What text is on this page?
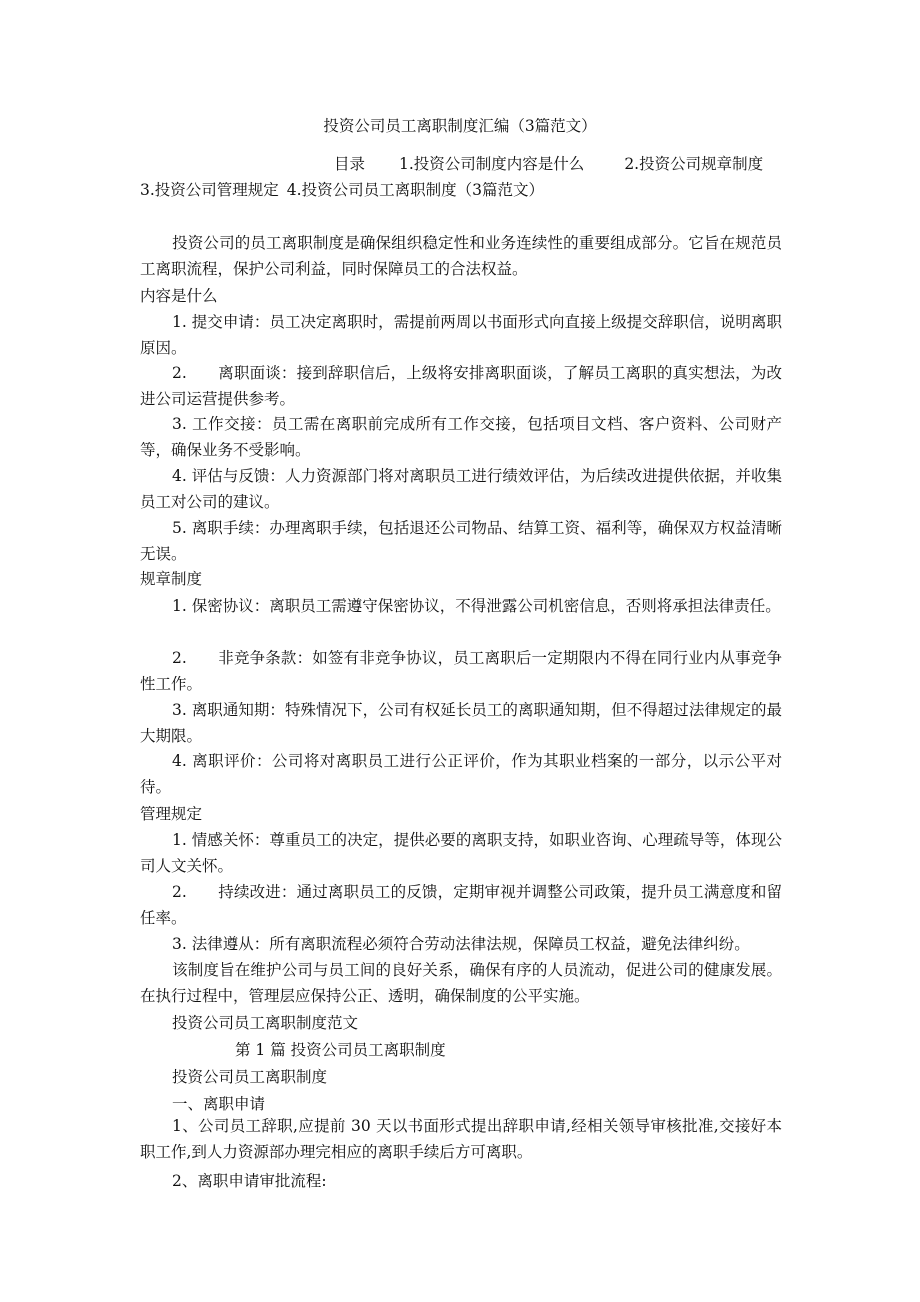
投资公司员工离职制度汇编（3篇范文）
目录 1.投资公司制度内容是什么	2.投资公司规章制度
3.投资公司管理规定 4.投资公司员工离职制度（3篇范文）
投资公司的员工离职制度是确保组织稳定性和业务连续性的重要组成部分。它旨在规范员工离职流程，保护公司利益，同时保障员工的合法权益。
内容是什么
1. 提交申请：员工决定离职时，需提前两周以书面形式向直接上级提交辞职信，说明离职原因。
2.　　离职面谈：接到辞职信后，上级将安排离职面谈，了解员工离职的真实想法，为改进公司运营提供参考。
3. 工作交接：员工需在离职前完成所有工作交接，包括项目文档、客户资料、公司财产等，确保业务不受影响。
4. 评估与反馈：人力资源部门将对离职员工进行绩效评估，为后续改进提供依据，并收集员工对公司的建议。
5. 离职手续：办理离职手续，包括退还公司物品、结算工资、福利等，确保双方权益清晰无误。
规章制度
1. 保密协议：离职员工需遵守保密协议，不得泄露公司机密信息，否则将承担法律责任。
2.　　非竞争条款：如签有非竞争协议，员工离职后一定期限内不得在同行业内从事竞争性工作。
3. 离职通知期：特殊情况下，公司有权延长员工的离职通知期，但不得超过法律规定的最大期限。
4. 离职评价：公司将对离职员工进行公正评价，作为其职业档案的一部分，以示公平对待。
管理规定
1. 情感关怀：尊重员工的决定，提供必要的离职支持，如职业咨询、心理疏导等，体现公司人文关怀。
2.　　持续改进：通过离职员工的反馈，定期审视并调整公司政策，提升员工满意度和留任率。
3. 法律遵从：所有离职流程必须符合劳动法律法规，保障员工权益，避免法律纠纷。
该制度旨在维护公司与员工间的良好关系，确保有序的人员流动，促进公司的健康发展。在执行过程中，管理层应保持公正、透明，确保制度的公平实施。
投资公司员工离职制度范文
第 1 篇 投资公司员工离职制度
投资公司员工离职制度
一、离职申请
1、公司员工辞职,应提前 30 天以书面形式提出辞职申请,经相关领导审核批准,交接好本职工作,到人力资源部办理完相应的离职手续后方可离职。
2、离职申请审批流程:
